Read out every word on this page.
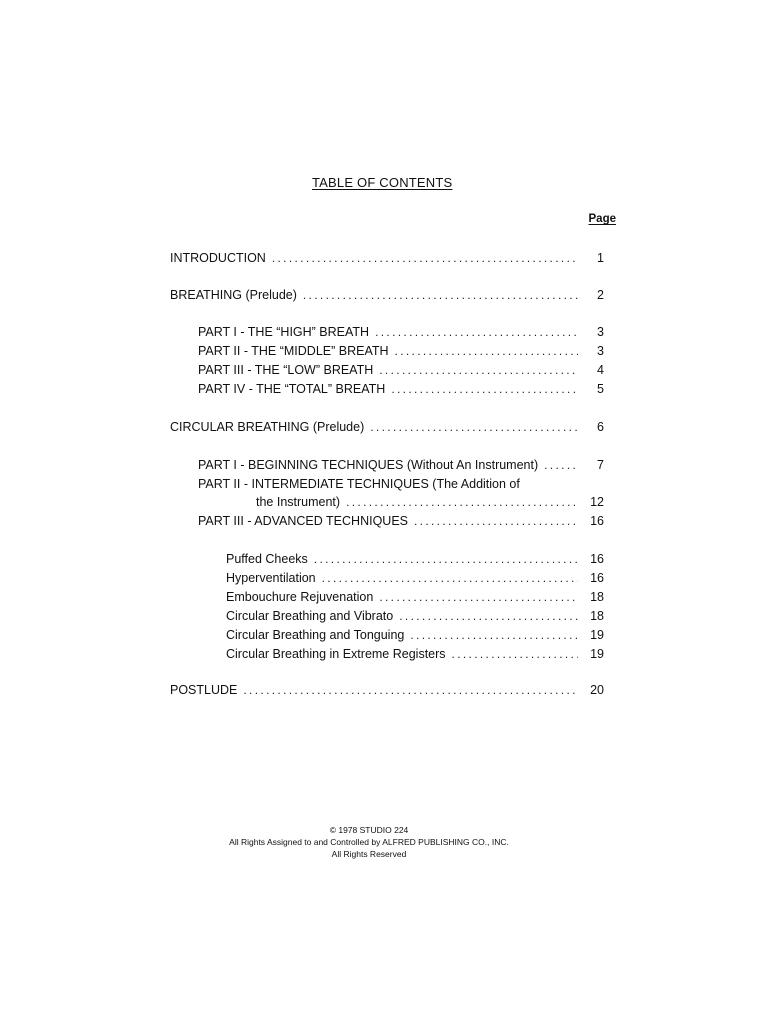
TABLE OF CONTENTS
Page
INTRODUCTION . . .	1
BREATHING (Prelude) . . .	2
PART I - THE “HIGH” BREATH . . .	3
PART II - THE “MIDDLE” BREATH . . .	3
PART III - THE “LOW” BREATH . . .	4
PART IV - THE “TOTAL” BREATH . . .	5
CIRCULAR BREATHING (Prelude) . . .	6
PART I - BEGINNING TECHNIQUES (Without An Instrument) . . .	7
PART II - INTERMEDIATE TECHNIQUES (The Addition of
the Instrument) . . .	12
PART III - ADVANCED TECHNIQUES . . .	16
Puffed Cheeks . . .	16
Hyperventilation . . .	16
Embouchure Rejuvenation . . .	18
Circular Breathing and Vibrato . . .	18
Circular Breathing and Tonguing . . .	19
Circular Breathing in Extreme Registers . . .	19
POSTLUDE . . .	20
© 1978 STUDIO 224
All Rights Assigned to and Controlled by ALFRED PUBLISHING CO., INC.
All Rights Reserved
